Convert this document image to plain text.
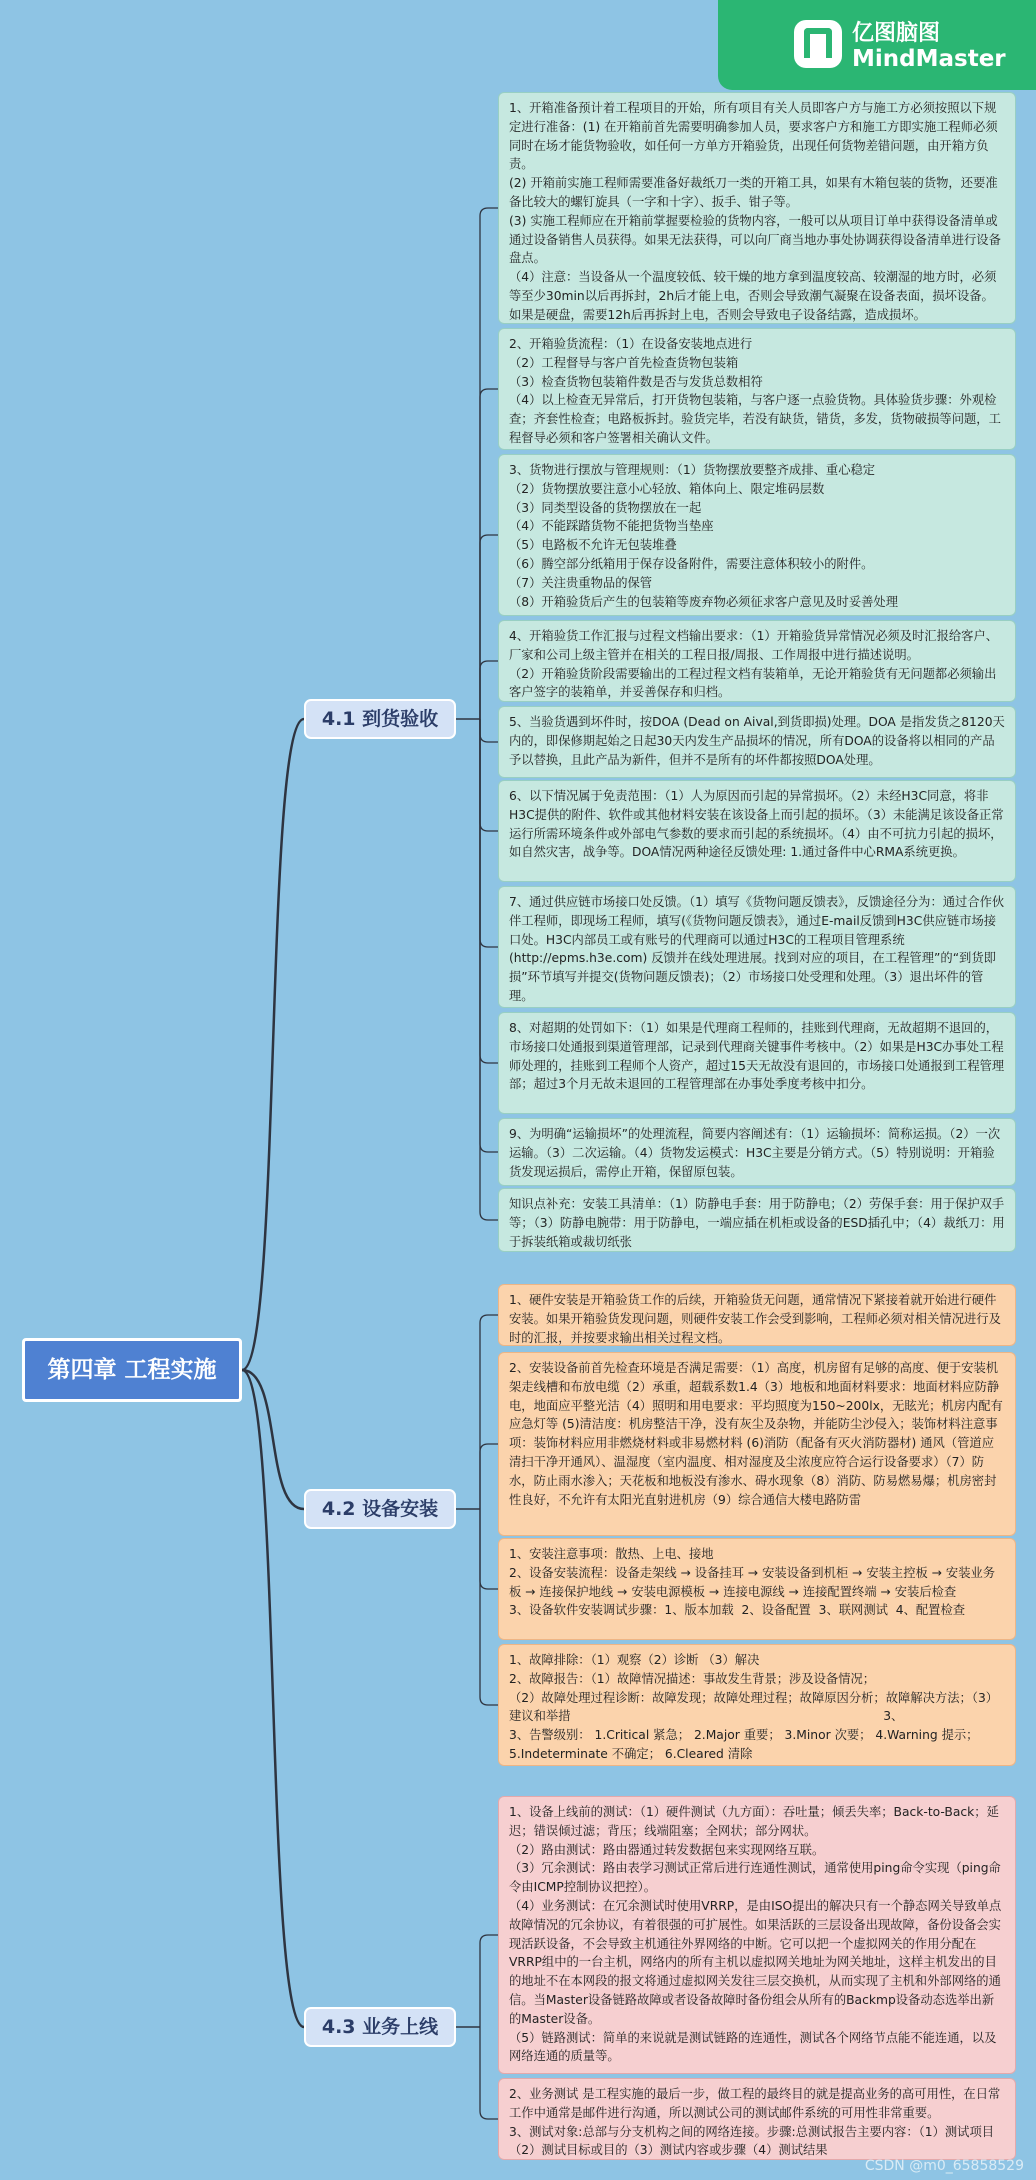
亿图脑图
MindMaster
第四章 工程实施
4.1 到货验收
1、开箱准备预计着工程项目的开始，所有项目有关人员即客户方与施工方必须按照以下规定进行准备：(1) 在开箱前首先需要明确参加人员，要求客户方和施工方即实施工程师必须同时在场才能货物验收，如任何一方单方开箱验货，出现任何货物差错问题，由开箱方负责。
(2) 开箱前实施工程师需要准备好裁纸刀一类的开箱工具，如果有木箱包装的货物，还要准备比较大的螺钉旋具（一字和十字）、扳手、钳子等。
(3) 实施工程师应在开箱前掌握要检验的货物内容，一般可以从项目订单中获得设备清单或通过设备销售人员获得。如果无法获得，可以向厂商当地办事处协调获得设备清单进行设备盘点。
（4）注意：当设备从一个温度较低、较干燥的地方拿到温度较高、较潮湿的地方时，必须等至少30min以后再拆封，2h后才能上电，否则会导致潮气凝聚在设备表面，损坏设备。如果是硬盘，需要12h后再拆封上电，否则会导致电子设备结露，造成损坏。
2、开箱验货流程：（1）在设备安装地点进行
（2）工程督导与客户首先检查货物包装箱
（3）检查货物包装箱件数是否与发货总数相符
（4）以上检查无异常后，打开货物包装箱，与客户逐一点验货物。具体验货步骤：外观检查；齐套性检查；电路板拆封。验货完毕，若没有缺货，错货，多发，货物破损等问题，工程督导必须和客户签署相关确认文件。
3、货物进行摆放与管理规则：（1）货物摆放要整齐成排、重心稳定
（2）货物摆放要注意小心轻放、箱体向上、限定堆码层数
（3）同类型设备的货物摆放在一起
（4）不能踩踏货物不能把货物当垫座
（5）电路板不允许无包装堆叠
（6）腾空部分纸箱用于保存设备附件，需要注意体积较小的附件。
（7）关注贵重物品的保管
（8）开箱验货后产生的包装箱等废弃物必须征求客户意见及时妥善处理
4、开箱验货工作汇报与过程文档输出要求：（1）开箱验货异常情况必须及时汇报给客户、厂家和公司上级主管并在相关的工程日报/周报、工作周报中进行描述说明。
（2）开箱验货阶段需要输出的工程过程文档有装箱单，无论开箱验货有无问题都必须输出客户签字的装箱单，并妥善保存和归档。
5、当验货遇到坏件时，按DOA (Dead on Aival,到货即损)处理。DOA 是指发货之8120天内的，即保修期起始之日起30天内发生产品损坏的情况，所有DOA的设备将以相同的产品予以替换，且此产品为新件，但并不是所有的坏件都按照DOA处理。
6、以下情况属于免责范围：（1）人为原因而引起的异常损坏。（2）未经H3C同意，将非H3C提供的附件、软件或其他材料安装在该设备上而引起的损坏。（3）未能满足该设备正常运行所需环境条件或外部电气参数的要求而引起的系统损坏。（4）由不可抗力引起的损坏，如自然灾害，战争等。DOA情况两种途径反馈处理: 1.通过备件中心RMA系统更换。
7、通过供应链市场接口处反馈。（1）填写《货物问题反馈表》，反馈途径分为：通过合作伙伴工程师，即现场工程师，填写(《货物问题反馈表》，通过E-mail反馈到H3C供应链市场接口处。H3C内部员工或有账号的代理商可以通过H3C的工程项目管理系统(http://epms.h3e.com) 反馈并在线处理进展。找到对应的项目，在工程管理”的“到货即损”环节填写并提交(货物问题反馈表)；（2）市场接口处受理和处理。（3）退出坏件的管理。
8、对超期的处罚如下：（1）如果是代理商工程师的，挂账到代理商，无故超期不退回的，市场接口处通报到渠道管理部，记录到代理商关键事件考核中。（2）如果是H3C办事处工程师处理的，挂账到工程师个人资产，超过15天无故没有退回的，市场接口处通报到工程管理部；超过3个月无故未退回的工程管理部在办事处季度考核中扣分。
9、为明确“运输损坏”的处理流程，简要内容阐述有：（1）运输损坏：简称运损。（2）一次运输。（3）二次运输。（4）货物发运模式：H3C主要是分销方式。（5）特别说明：开箱验货发现运损后，需停止开箱，保留原包装。
知识点补充：安装工具清单：（1）防静电手套：用于防静电；（2）劳保手套：用于保护双手等；（3）防静电腕带：用于防静电，一端应插在机柜或设备的ESD插孔中；（4）裁纸刀：用于拆装纸箱或裁切纸张
4.2 设备安装
1、硬件安装是开箱验货工作的后续，开箱验货无问题，通常情况下紧接着就开始进行硬件安装。如果开箱验货发现问题，则硬件安装工作会受到影响，工程师必须对相关情况进行及时的汇报，并按要求输出相关过程文档。
2、安装设备前首先检查环境是否满足需要：（1）高度，机房留有足够的高度、便于安装机架走线槽和布放电缆（2）承重，超载系数1.4（3）地板和地面材料要求：地面材料应防静电，地面应平整光洁（4）照明和用电要求：平均照度为150~200lx，无眩光；机房内配有应急灯等 (5)清洁度：机房整洁干净，没有灰尘及杂物，并能防尘沙侵入；装饰材料注意事项：装饰材料应用非燃烧材料或非易燃材料 (6)消防（配备有灭火消防器材) 通风（管道应清扫干净开通风）、温湿度（室内温度、相对湿度及尘浓度应符合运行设备要求）（7）防水，防止雨水渗入；天花板和地板没有渗水、碍水现象（8）消防、防易燃易爆；机房密封性良好，不允许有太阳光直射进机房（9）综合通信大楼电路防雷
1、安装注意事项：散热、上电、接地
2、设备安装流程：设备走架线 → 设备挂耳 → 安装设备到机柜 → 安装主控板 → 安装业务板 → 连接保护地线 → 安装电源模板 → 连接电源线 → 连接配置终端 → 安装后检查
3、设备软件安装调试步骤：1、版本加载  2、设备配置  3、联网测试  4、配置检查
1、故障排除：（1）观察（2）诊断 （3）解决
2、故障报告：（1）故障情况描述：事故发生背景；涉及设备情况；
（2）故障处理过程诊断：故障发现；故障处理过程；故障原因分析；故障解决方法；（3）建议和举措                                                                                3、
3、告警级别： 1.Critical 紧急； 2.Major 重要； 3.Minor 次要； 4.Warning 提示； 5.Indeterminate 不确定； 6.Cleared 清除
4.3 业务上线
1、设备上线前的测试：（1）硬件测试（九方面）：吞吐量；倾丢失率；Back-to-Back；延迟；错误倾过滤；背压；线端阻塞；全网状；部分网状。
（2）路由测试：路由器通过转发数据包来实现网络互联。
（3）冗余测试：路由表学习测试正常后进行连通性测试，通常使用ping命令实现（ping命令由ICMP控制协议把控）。
（4）业务测试：在冗余测试时使用VRRP，是由ISO提出的解决只有一个静态网关导致单点故障情况的冗余协议，有着很强的可扩展性。如果活跃的三层设备出现故障，备份设备会实现活跃设备，不会导致主机通往外界网络的中断。它可以把一个虚拟网关的作用分配在 VRRP组中的一台主机，网络内的所有主机以虚拟网关地址为网关地址，这样主机发出的目的地址不在本网段的报文将通过虚拟网关发往三层交换机，从而实现了主机和外部网络的通信。当Master设备链路故障或者设备故障时备份组会从所有的Backmp设备动态选举出新的Master设备。
（5）链路测试：简单的来说就是测试链路的连通性，测试各个网络节点能不能连通，以及网络连通的质量等。
2、业务测试 是工程实施的最后一步，做工程的最终目的就是提高业务的高可用性，在日常工作中通常是邮件进行沟通，所以测试公司的测试邮件系统的可用性非常重要。
3、测试对象:总部与分支机构之间的网络连接。步骤:总测试报告主要内容：（1）测试项目（2）测试目标或目的（3）测试内容或步骤（4）测试结果
CSDN @m0_65858529
